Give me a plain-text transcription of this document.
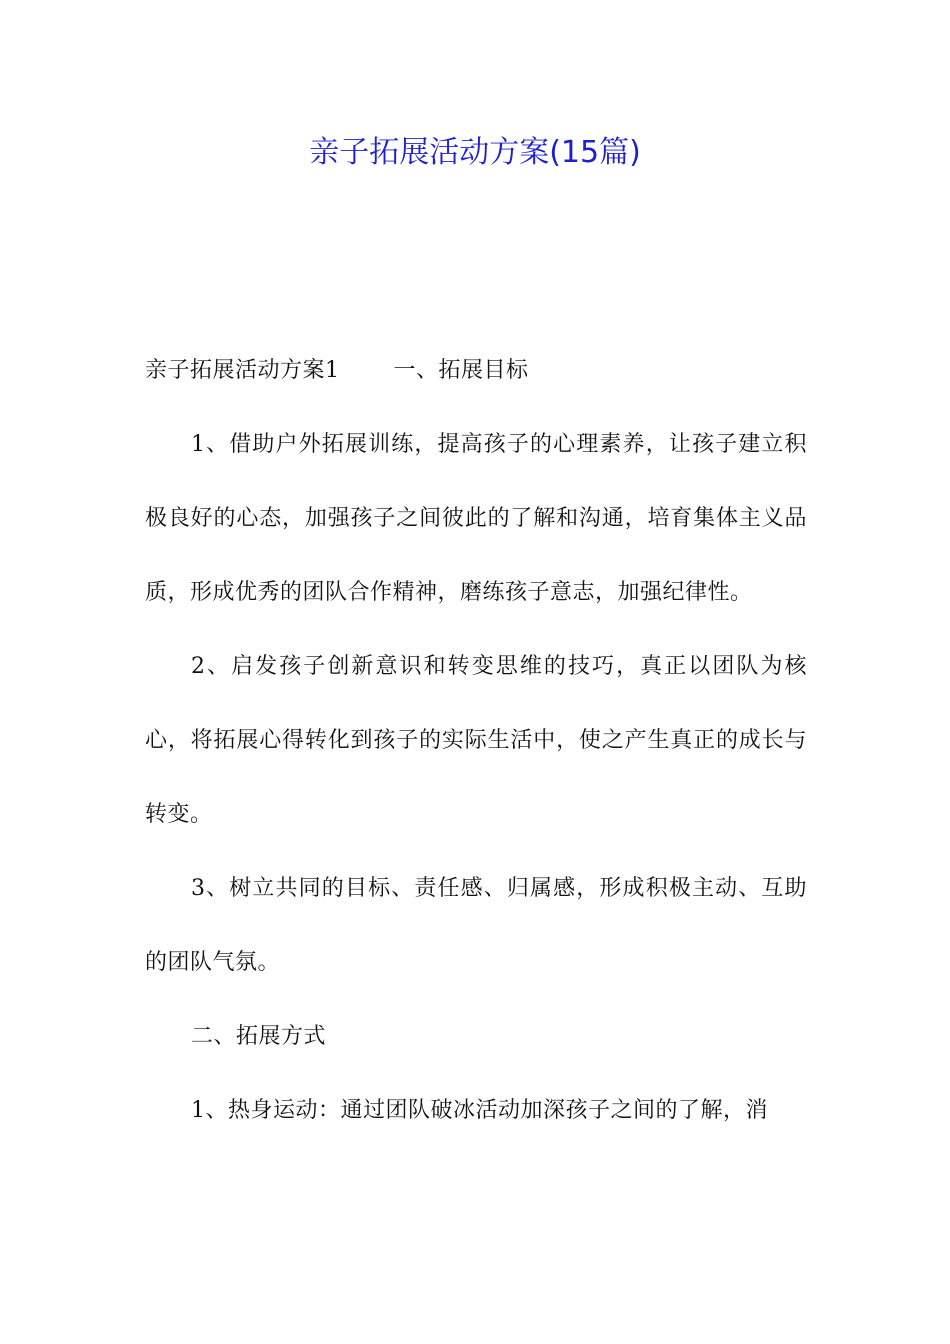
亲子拓展活动方案(15篇)

亲子拓展活动方案1 一、拓展目标

1、借助户外拓展训练，提高孩子的心理素养，让孩子建立积极良好的心态，加强孩子之间彼此的了解和沟通，培育集体主义品质，形成优秀的团队合作精神，磨练孩子意志，加强纪律性。

2、启发孩子创新意识和转变思维的技巧，真正以团队为核心，将拓展心得转化到孩子的实际生活中，使之产生真正的成长与转变。

3、树立共同的目标、责任感、归属感，形成积极主动、互助的团队气氛。

二、拓展方式

1、热身运动：通过团队破冰活动加深孩子之间的了解，消
